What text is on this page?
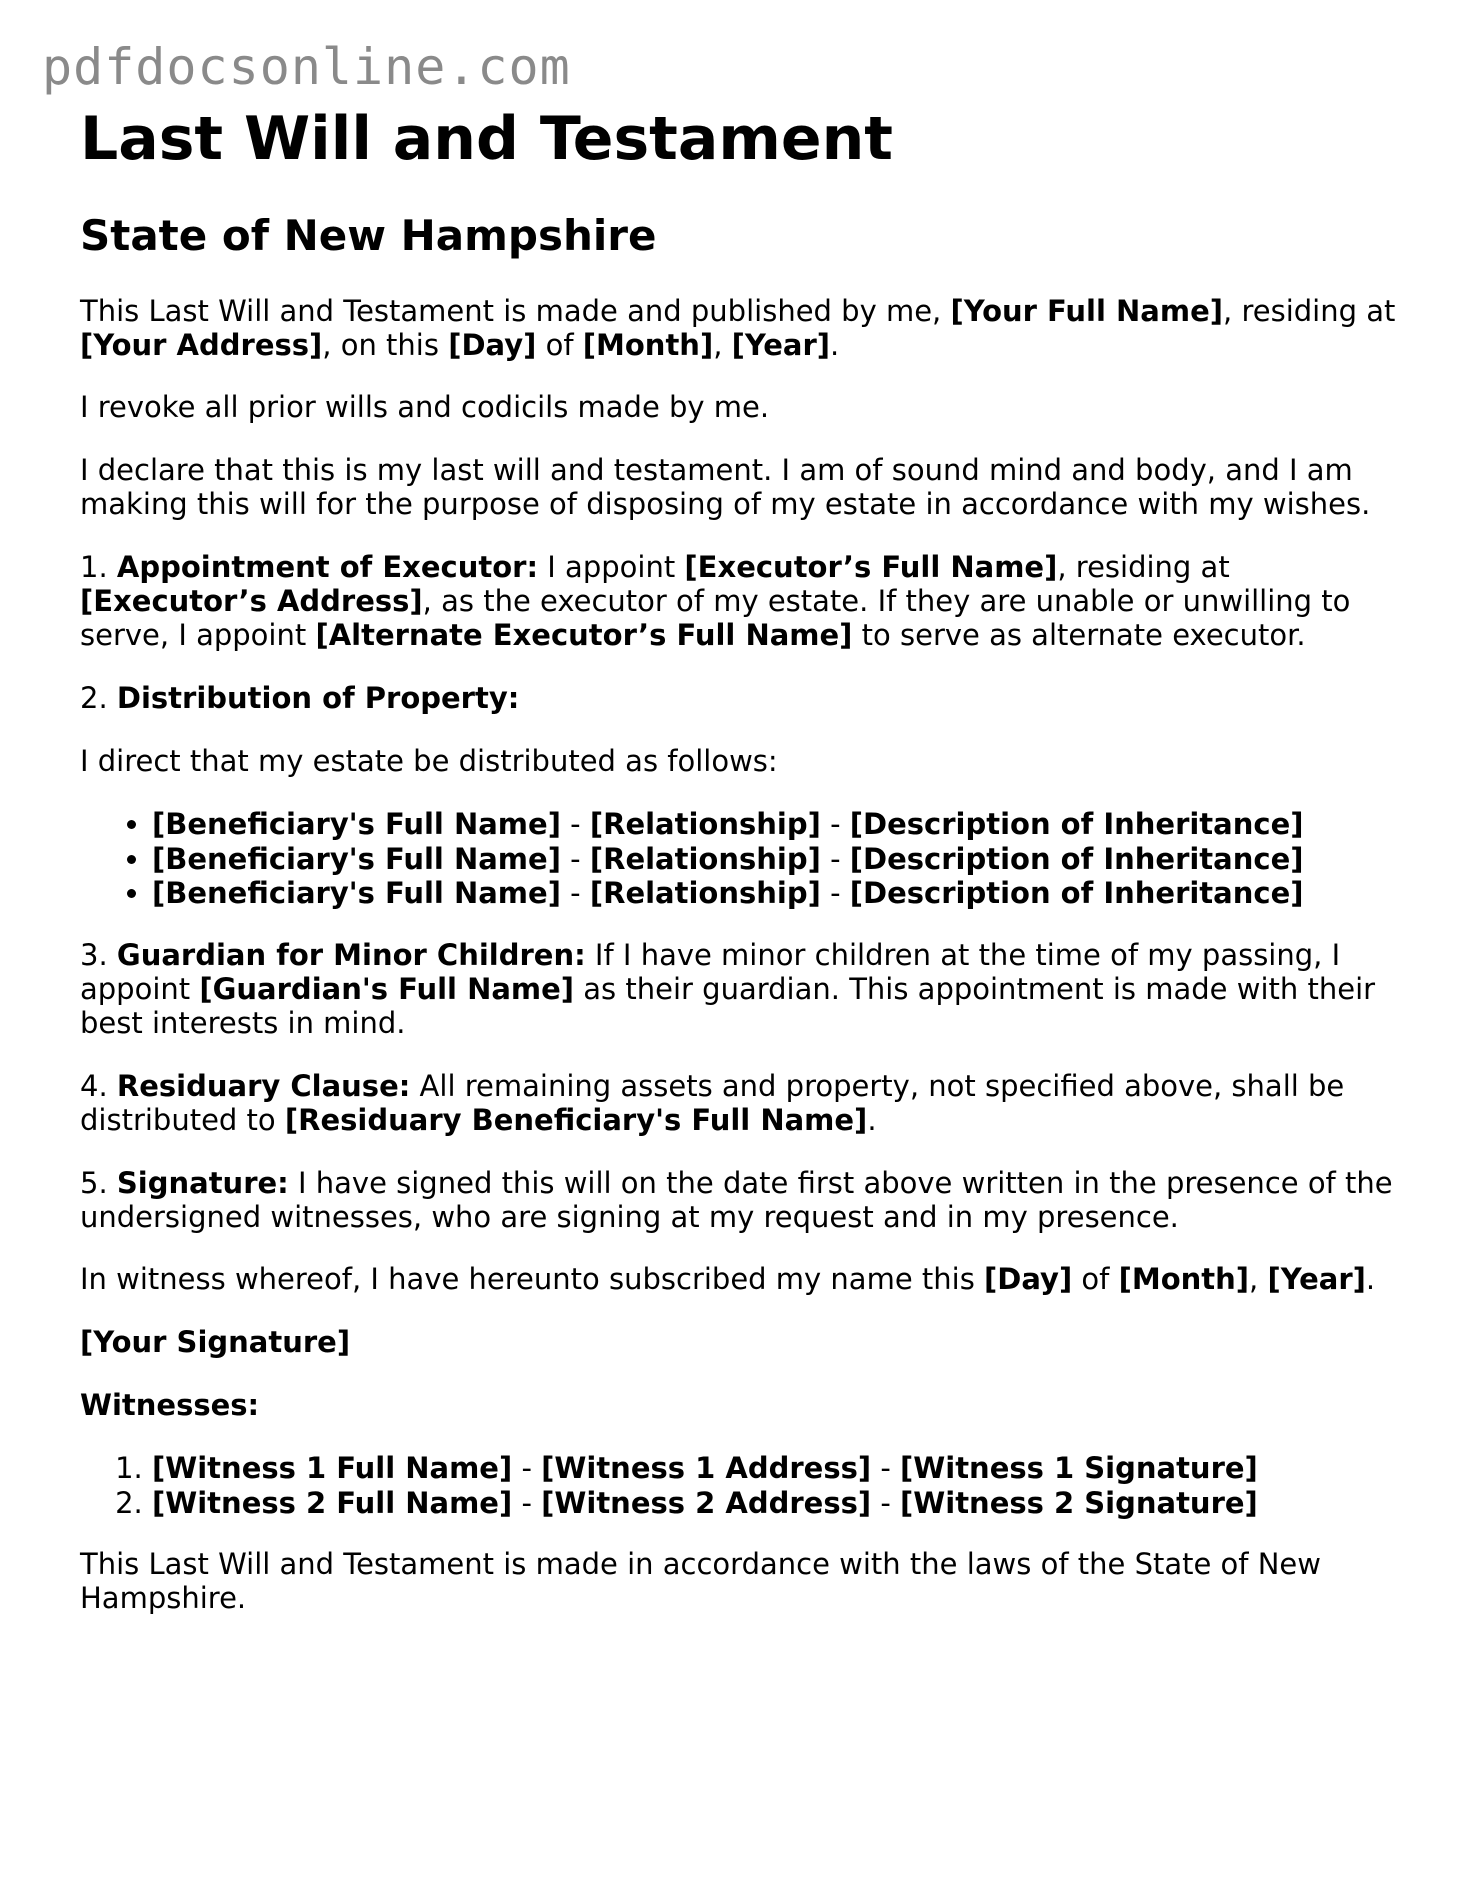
pdfdocsonline.com
Last Will and Testament
State of New Hampshire

This Last Will and Testament is made and published by me, [Your Full Name], residing at [Your Address], on this [Day] of [Month], [Year].

I revoke all prior wills and codicils made by me.

I declare that this is my last will and testament. I am of sound mind and body, and I am making this will for the purpose of disposing of my estate in accordance with my wishes.

1. Appointment of Executor: I appoint [Executor’s Full Name], residing at [Executor’s Address], as the executor of my estate. If they are unable or unwilling to serve, I appoint [Alternate Executor’s Full Name] to serve as alternate executor.

2. Distribution of Property:

I direct that my estate be distributed as follows:

• [Beneficiary's Full Name] - [Relationship] - [Description of Inheritance]
• [Beneficiary's Full Name] - [Relationship] - [Description of Inheritance]
• [Beneficiary's Full Name] - [Relationship] - [Description of Inheritance]

3. Guardian for Minor Children: If I have minor children at the time of my passing, I appoint [Guardian's Full Name] as their guardian. This appointment is made with their best interests in mind.

4. Residuary Clause: All remaining assets and property, not specified above, shall be distributed to [Residuary Beneficiary's Full Name].

5. Signature: I have signed this will on the date first above written in the presence of the undersigned witnesses, who are signing at my request and in my presence.

In witness whereof, I have hereunto subscribed my name this [Day] of [Month], [Year].

[Your Signature]

Witnesses:

1. [Witness 1 Full Name] - [Witness 1 Address] - [Witness 1 Signature]
2. [Witness 2 Full Name] - [Witness 2 Address] - [Witness 2 Signature]

This Last Will and Testament is made in accordance with the laws of the State of New Hampshire.
